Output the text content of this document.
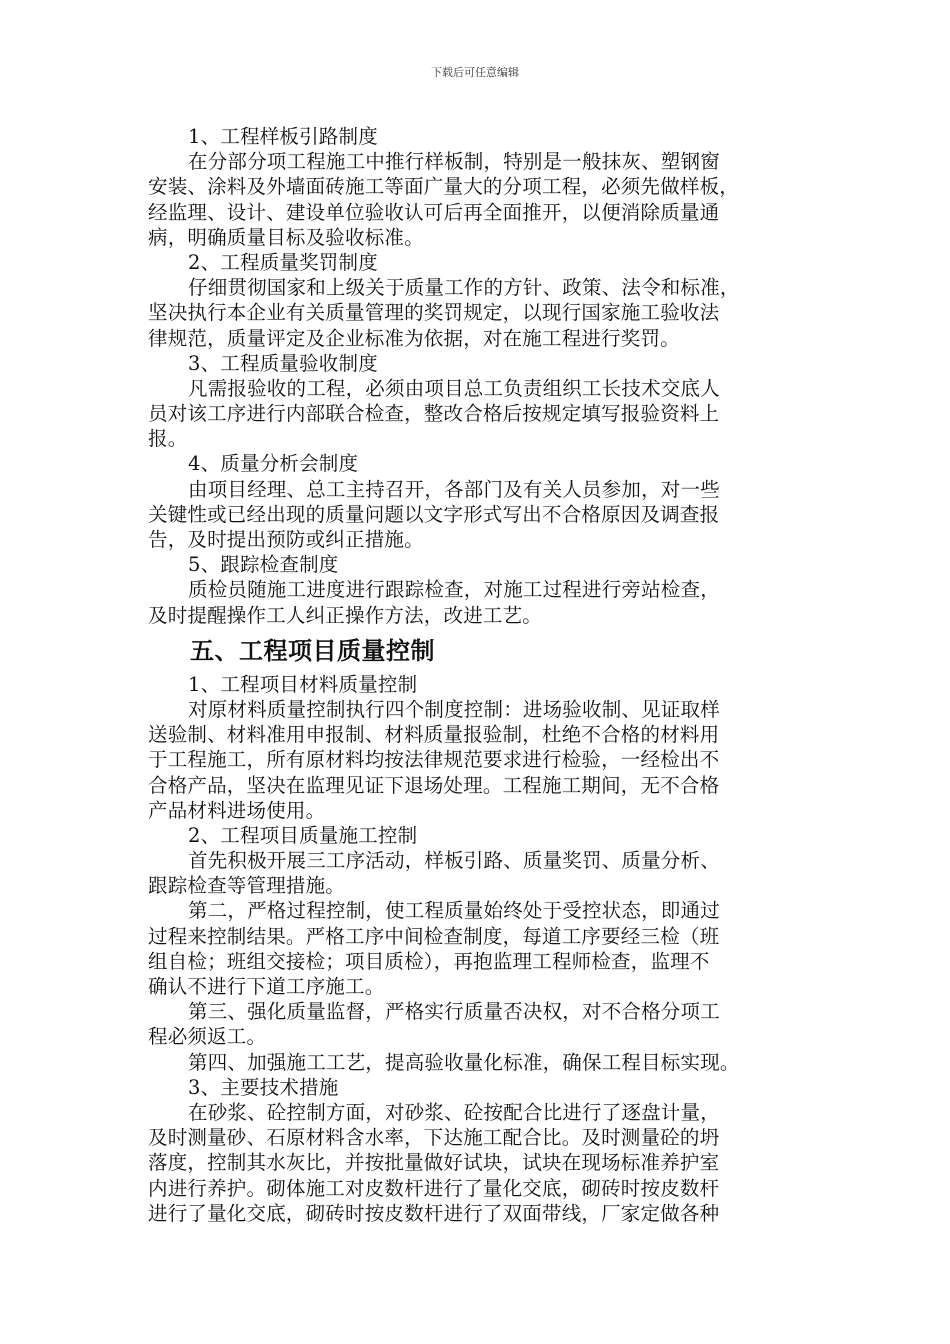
下载后可任意编辑
1、工程样板引路制度
在分部分项工程施工中推行样板制，特别是一般抹灰、塑钢窗
安装、涂料及外墙面砖施工等面广量大的分项工程，必须先做样板，
经监理、设计、建设单位验收认可后再全面推开，以便消除质量通
病，明确质量目标及验收标准。
2、工程质量奖罚制度
仔细贯彻国家和上级关于质量工作的方针、政策、法令和标准，
坚决执行本企业有关质量管理的奖罚规定，以现行国家施工验收法
律规范，质量评定及企业标准为依据，对在施工程进行奖罚。
3、工程质量验收制度
凡需报验收的工程，必须由项目总工负责组织工长技术交底人
员对该工序进行内部联合检查，整改合格后按规定填写报验资料上
报。
4、质量分析会制度
由项目经理、总工主持召开，各部门及有关人员参加，对一些
关键性或已经出现的质量问题以文字形式写出不合格原因及调查报
告，及时提出预防或纠正措施。
5、跟踪检查制度
质检员随施工进度进行跟踪检查，对施工过程进行旁站检查，
及时提醒操作工人纠正操作方法，改进工艺。
五、工程项目质量控制
1、工程项目材料质量控制
对原材料质量控制执行四个制度控制：进场验收制、见证取样
送验制、材料准用申报制、材料质量报验制，杜绝不合格的材料用
于工程施工，所有原材料均按法律规范要求进行检验，一经检出不
合格产品，坚决在监理见证下退场处理。工程施工期间，无不合格
产品材料进场使用。
2、工程项目质量施工控制
首先积极开展三工序活动，样板引路、质量奖罚、质量分析、
跟踪检查等管理措施。
第二，严格过程控制，使工程质量始终处于受控状态，即通过
过程来控制结果。严格工序中间检查制度，每道工序要经三检（班
组自检；班组交接检；项目质检），再抱监理工程师检查，监理不
确认不进行下道工序施工。
第三、强化质量监督，严格实行质量否决权，对不合格分项工
程必须返工。
第四、加强施工工艺，提高验收量化标准，确保工程目标实现。
3、主要技术措施
在砂浆、砼控制方面，对砂浆、砼按配合比进行了逐盘计量，
及时测量砂、石原材料含水率，下达施工配合比。及时测量砼的坍
落度，控制其水灰比，并按批量做好试块，试块在现场标准养护室
内进行养护。砌体施工对皮数杆进行了量化交底，砌砖时按皮数杆
进行了量化交底，砌砖时按皮数杆进行了双面带线，厂家定做各种
